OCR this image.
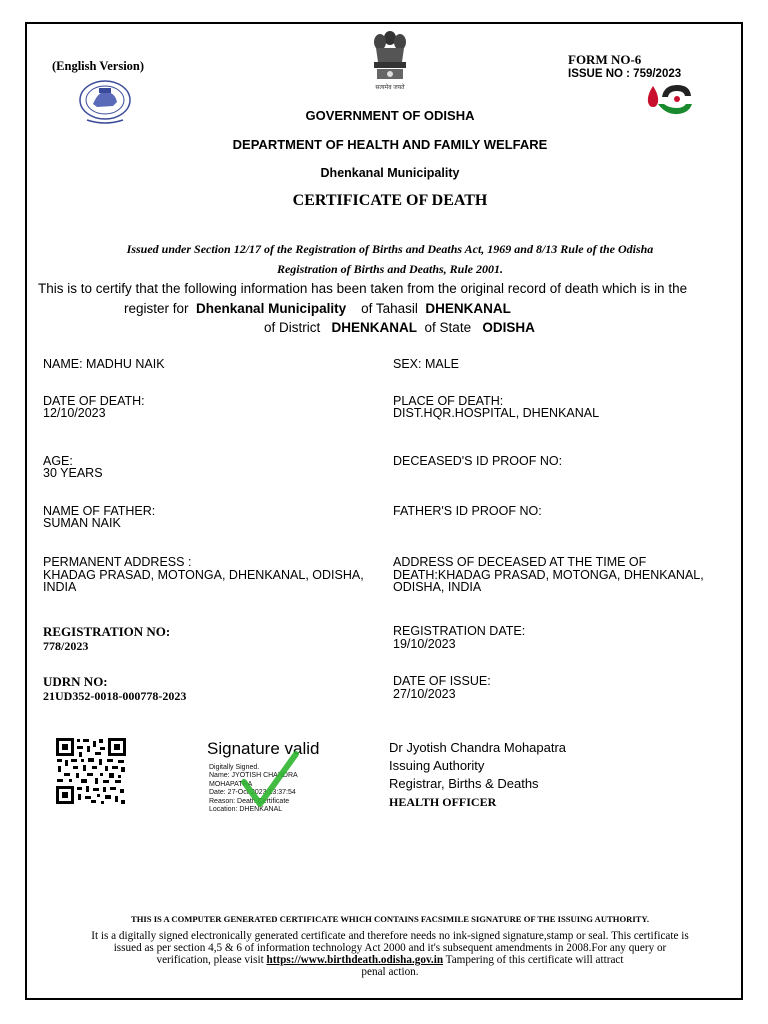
(English Version)
सत्यमेव जयते
FORM NO-6
ISSUE NO : 759/2023
GOVERNMENT OF ODISHA
DEPARTMENT OF HEALTH AND FAMILY WELFARE
Dhenkanal Municipality
CERTIFICATE OF DEATH
Issued under Section 12/17 of the Registration of Births and Deaths Act, 1969 and 8/13 Rule of the Odisha
Registration of Births and Deaths, Rule 2001.
This is to certify that the following information has been taken from the original record of death which is in the
register for Dhenkanal Municipality of Tahasil DHENKANAL
of District DHENKANAL of State ODISHA
NAME: MADHU NAIK
DATE OF DEATH:
12/10/2023
AGE:
30 YEARS
NAME OF FATHER:
SUMAN NAIK
PERMANENT ADDRESS :
KHADAG PRASAD, MOTONGA, DHENKANAL, ODISHA,
INDIA
REGISTRATION NO:
778/2023
UDRN NO:
21UD352-0018-000778-2023
SEX: MALE
PLACE OF DEATH:
DIST.HQR.HOSPITAL, DHENKANAL
DECEASED'S ID PROOF NO:
FATHER'S ID PROOF NO:
ADDRESS OF DECEASED AT THE TIME OF
DEATH:KHADAG PRASAD, MOTONGA, DHENKANAL,
ODISHA, INDIA
REGISTRATION DATE:
19/10/2023
DATE OF ISSUE:
27/10/2023
Signature valid
Digitally Signed.
Name: JYOTISH CHANDRA
MOHAPATRA
Date: 27-Oct-2023 13:37:54
Reason: Death Certificate
Location: DHENKANAL
Dr Jyotish Chandra Mohapatra
Issuing Authority
Registrar, Births & Deaths
HEALTH OFFICER
THIS IS A COMPUTER GENERATED CERTIFICATE WHICH CONTAINS FACSIMILE SIGNATURE OF THE ISSUING AUTHORITY.
It is a digitally signed electronically generated certificate and therefore needs no ink-signed signature,stamp or seal. This certificate is
issued as per section 4,5 & 6 of information technology Act 2000 and it's subsequent amendments in 2008.For any query or
verification, please visit https://www.birthdeath.odisha.gov.in Tampering of this certificate will attract
penal action.
